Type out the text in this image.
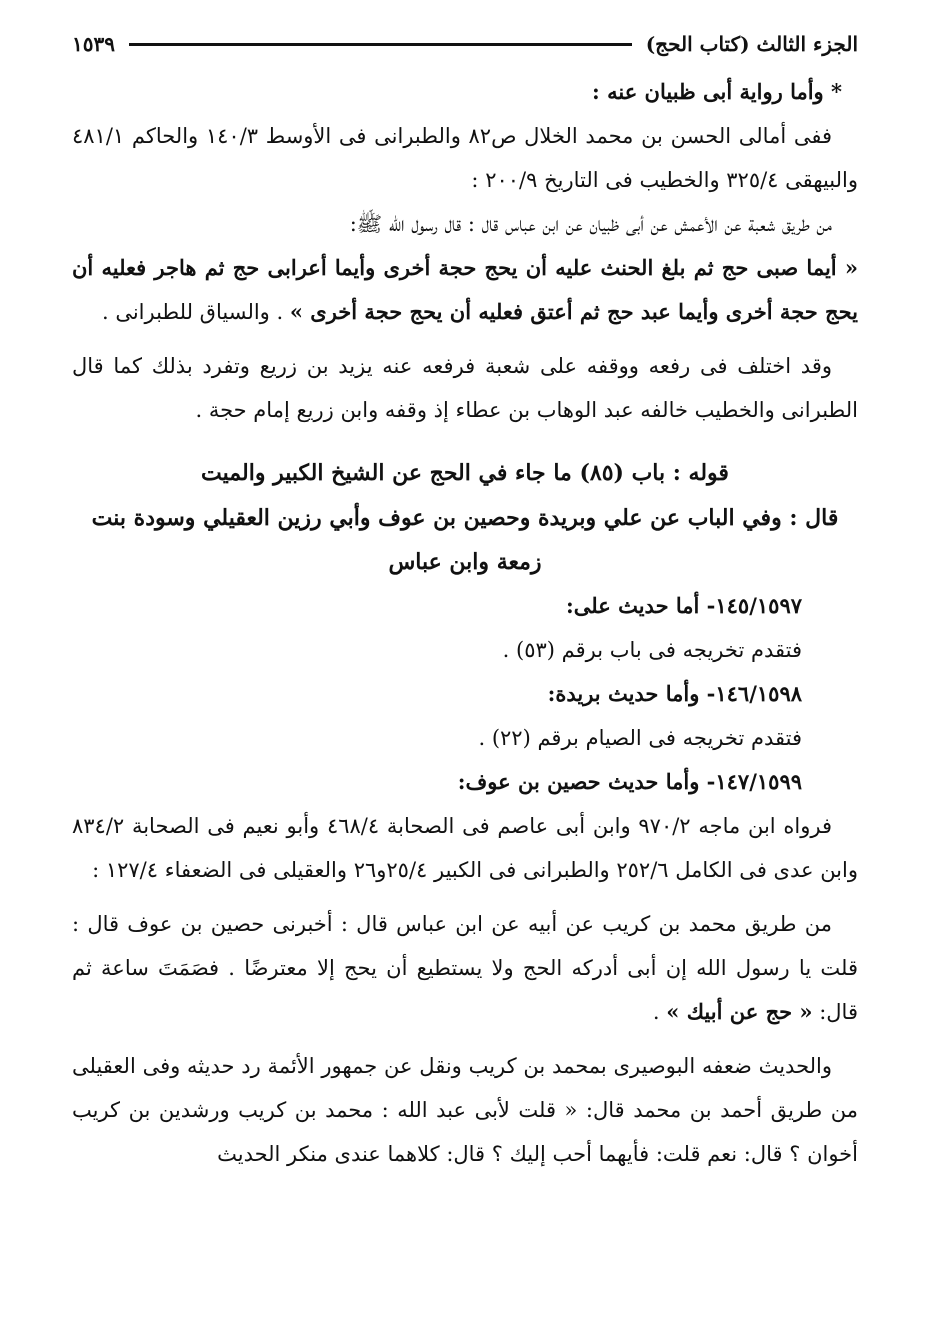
الجزء الثالث (كتاب الحج)
١٥٣٩

* وأما رواية أبى ظبيان عنه :

ففى أمالى الحسن بن محمد الخلال ص٨٢ والطبرانى فى الأوسط ١٤٠/٣ والحاكم ٤٨١/١ والبيهقى ٣٢٥/٤ والخطيب فى التاريخ ٢٠٠/٩ :

من طريق شعبة عن الأعمش عن أبى ظبيان عن ابن عباس قال : قال رسول الله ﷺ:

« أيما صبى حج ثم بلغ الحنث عليه أن يحج حجة أخرى وأيما أعرابى حج ثم هاجر فعليه أن يحج حجة أخرى وأيما عبد حج ثم أعتق فعليه أن يحج حجة أخرى » . والسياق للطبرانى .

وقد اختلف فى رفعه ووقفه على شعبة فرفعه عنه يزيد بن زريع وتفرد بذلك كما قال الطبرانى والخطيب خالفه عبد الوهاب بن عطاء إذ وقفه وابن زريع إمام حجة .

قوله : باب (٨٥) ما جاء في الحج عن الشيخ الكبير والميت

قال : وفي الباب عن علي وبريدة وحصين بن عوف وأبي رزين العقيلي وسودة بنت زمعة وابن عباس

١٤٥/١٥٩٧- أما حديث على:

فتقدم تخريجه فى باب برقم (٥٣) .

١٤٦/١٥٩٨- وأما حديث بريدة:

فتقدم تخريجه فى الصيام برقم (٢٢) .

١٤٧/١٥٩٩- وأما حديث حصين بن عوف:

فرواه ابن ماجه ٩٧٠/٢ وابن أبى عاصم فى الصحابة ٤٦٨/٤ وأبو نعيم فى الصحابة ٨٣٤/٢ وابن عدى فى الكامل ٢٥٢/٦ والطبرانى فى الكبير ٢٥/٤و٢٦ والعقيلى فى الضعفاء ١٢٧/٤ :

من طريق محمد بن كريب عن أبيه عن ابن عباس قال : أخبرنى حصين بن عوف قال : قلت يا رسول الله إن أبى أدركه الحج ولا يستطيع أن يحج إلا معترضًا . فصَمَتَ ساعة ثم قال: « حج عن أبيك » .

والحديث ضعفه البوصيرى بمحمد بن كريب ونقل عن جمهور الأئمة رد حديثه وفى العقيلى من طريق أحمد بن محمد قال: « قلت لأبى عبد الله : محمد بن كريب ورشدين بن كريب أخوان ؟ قال: نعم قلت: فأيهما أحب إليك ؟ قال: كلاهما عندى منكر الحديث
